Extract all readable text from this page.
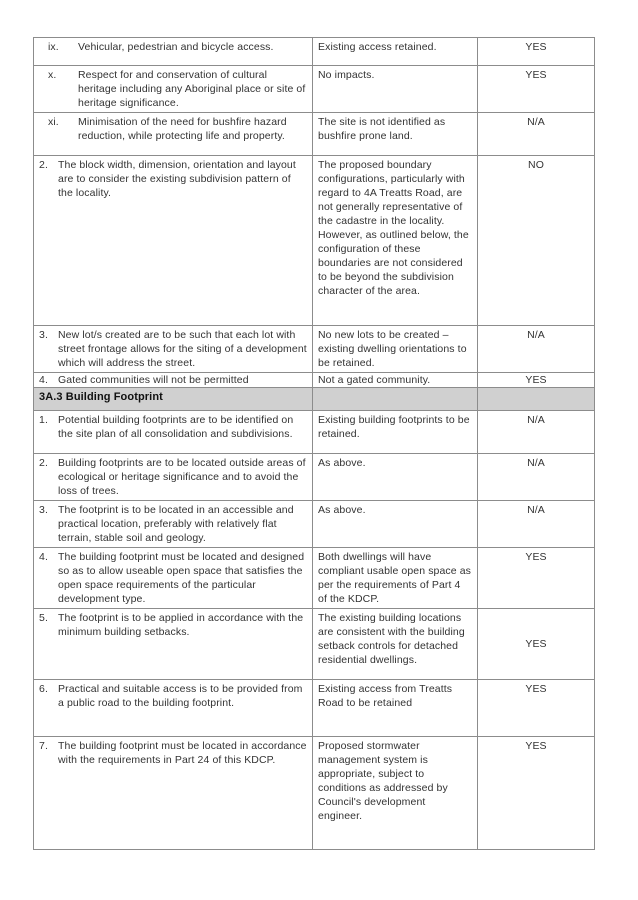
ix. Vehicular, pedestrian and bicycle access.	Existing access retained.	YES

x. Respect for and conservation of cultural heritage including any Aboriginal place or site of heritage significance.	No impacts.	YES

xi. Minimisation of the need for bushfire hazard reduction, while protecting life and property.	The site is not identified as bushfire prone land.	N/A

2. The block width, dimension, orientation and layout are to consider the existing subdivision pattern of the locality.	The proposed boundary configurations, particularly with regard to 4A Treatts Road, are not generally representative of the cadastre in the locality. However, as outlined below, the configuration of these boundaries are not considered to be beyond the subdivision character of the area.	NO

3. New lot/s created are to be such that each lot with street frontage allows for the siting of a development which will address the street.	No new lots to be created – existing dwelling orientations to be retained.	N/A

4. Gated communities will not be permitted	Not a gated community.	YES
3A.3 Building Footprint		

1. Potential building footprints are to be identified on the site plan of all consolidation and subdivisions.	Existing building footprints to be retained.	N/A

2. Building footprints are to be located outside areas of ecological or heritage significance and to avoid the loss of trees.	As above.	N/A

3. The footprint is to be located in an accessible and practical location, preferably with relatively flat terrain, stable soil and geology.	As above.	N/A

4. The building footprint must be located and designed so as to allow useable open space that satisfies the open space requirements of the particular development type.	Both dwellings will have compliant usable open space as per the requirements of Part 4 of the KDCP.	YES

5. The footprint is to be applied in accordance with the minimum building setbacks.	The existing building locations are consistent with the building setback controls for detached residential dwellings.	YES

6. Practical and suitable access is to be provided from a public road to the building footprint.	Existing access from Treatts Road to be retained	YES

7. The building footprint must be located in accordance with the requirements in Part 24 of this KDCP.	Proposed stormwater management system is appropriate, subject to conditions as addressed by Council's development engineer.	YES
